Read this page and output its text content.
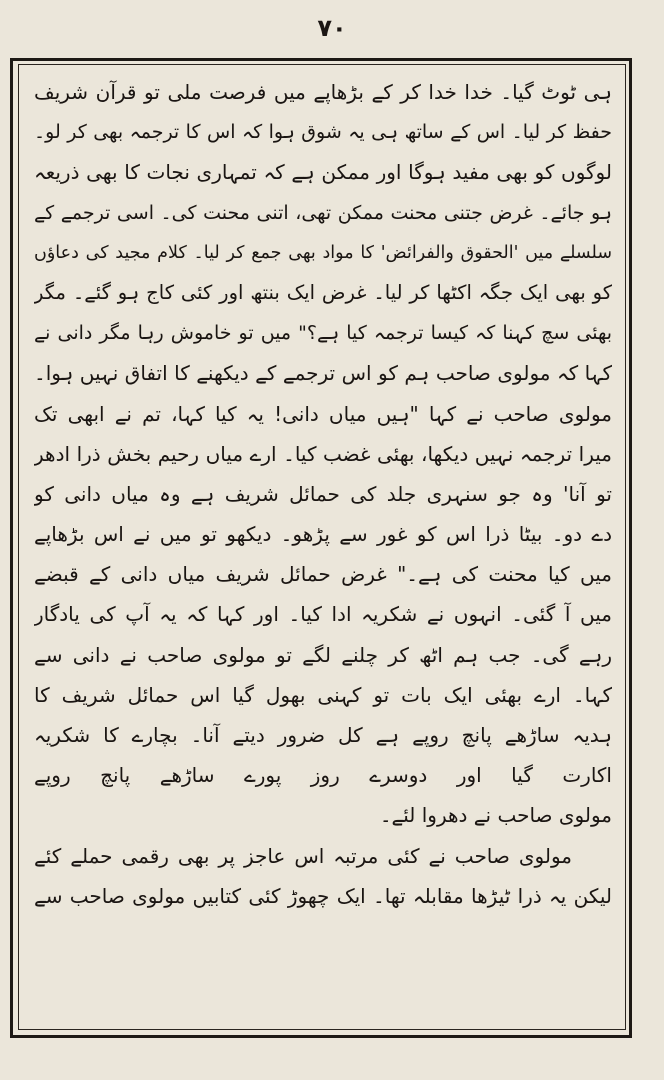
۷۰
ہی ٹوٹ گیا۔ خدا خدا کر کے بڑھاپے میں فرصت ملی تو قرآن شریف
حفظ کر لیا۔ اس کے ساتھ ہی یہ شوق ہوا کہ اس کا ترجمہ بھی کر لو۔
لوگوں کو بھی مفید ہوگا اور ممکن ہے کہ تمہاری نجات کا بھی ذریعہ
ہو جائے۔ غرض جتنی محنت ممکن تھی، اتنی محنت کی۔ اسی ترجمے کے
سلسلے میں 'الحقوق والفرائض' کا مواد بھی جمع کر لیا۔ کلام مجید کی دعاؤں
کو بھی ایک جگہ اکٹھا کر لیا۔ غرض ایک بنتھ اور کئی کاج ہو گئے۔ مگر
بھئی سچ کہنا کہ کیسا ترجمہ کیا ہے؟" میں تو خاموش رہا مگر دانی نے
کہا کہ مولوی صاحب ہم کو اس ترجمے کے دیکھنے کا اتفاق نہیں ہوا۔
مولوی صاحب نے کہا "ہیں میاں دانی! یہ کیا کہا، تم نے ابھی تک
میرا ترجمہ نہیں دیکھا، بھئی غضب کیا۔ ارے میاں رحیم بخش ذرا ادھر
تو آنا' وہ جو سنہری جلد کی حمائل شریف ہے وہ میاں دانی کو
دے دو۔ بیٹا ذرا اس کو غور سے پڑھو۔ دیکھو تو میں نے اس بڑھاپے
میں کیا محنت کی ہے۔" غرض حمائل شریف میاں دانی کے قبضے
میں آ گئی۔ انہوں نے شکریہ ادا کیا۔ اور کہا کہ یہ آپ کی یادگار
رہے گی۔ جب ہم اٹھ کر چلنے لگے تو مولوی صاحب نے دانی سے
کہا۔ ارے بھئی ایک بات تو کہنی بھول گیا اس حمائل شریف کا
ہدیہ ساڑھے پانچ روپے ہے کل ضرور دیتے آنا۔ بچارے کا شکریہ
اکارت گیا اور دوسرے روز پورے ساڑھے پانچ روپے
مولوی صاحب نے دھروا لئے۔
مولوی صاحب نے کئی مرتبہ اس عاجز پر بھی رقمی حملے کئے
لیکن یہ ذرا ٹیڑھا مقابلہ تھا۔ ایک چھوڑ کئی کتابیں مولوی صاحب سے
